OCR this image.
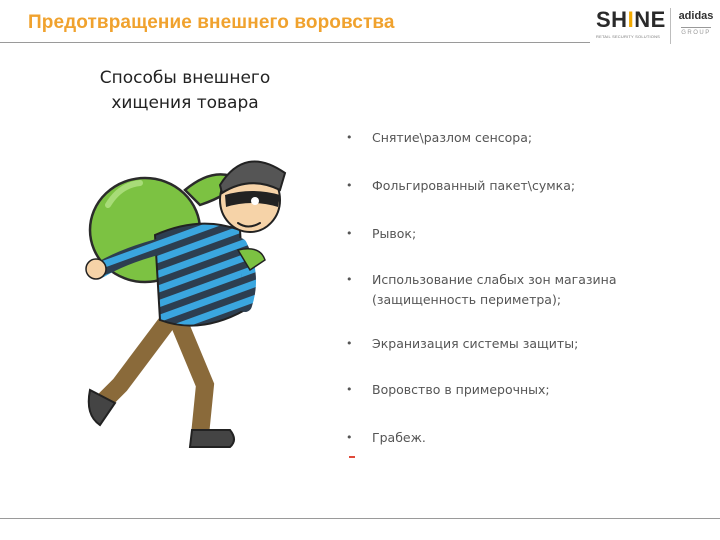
Предотвращение внешнего воровства	SHINE
RETAIL SECURITY SOLUTIONS
adidas
GROUP
Способы внешнего
хищения товара
• Снятие\разлом сенсора;
• Фольгированный пакет\сумка;
• Рывок;
• Использование слабых зон магазина
(защищенность периметра);
• Экранизация системы защиты;
• Воровство в примерочных;
• Грабеж.
